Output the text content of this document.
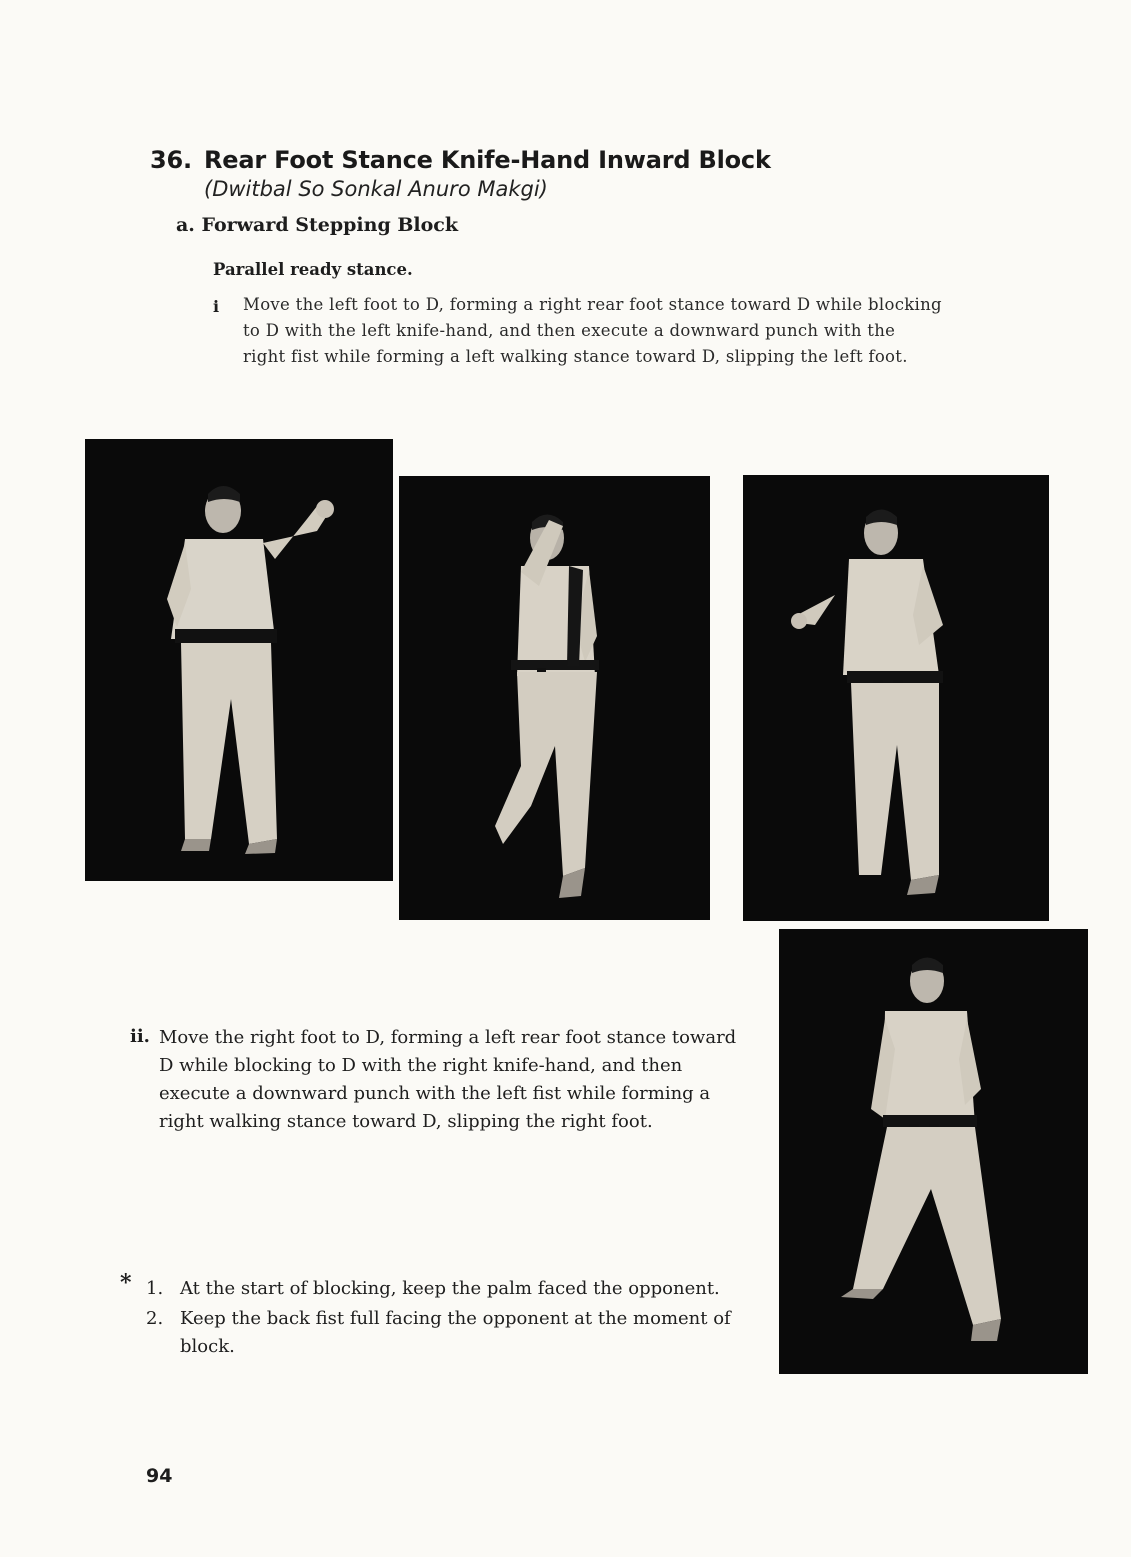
36. Rear Foot Stance Knife-Hand Inward Block
(Dwitbal So Sonkal Anuro Makgi)
a. Forward Stepping Block
Parallel ready stance.
i Move the left foot to D, forming a right rear foot stance toward D while blocking to D with the left knife-hand, and then execute a downward punch with the right fist while forming a left walking stance toward D, slipping the left foot.
ii. Move the right foot to D, forming a left rear foot stance toward D while blocking to D with the right knife-hand, and then execute a downward punch with the left fist while forming a right walking stance toward D, slipping the right foot.
* 1. At the start of blocking, keep the palm faced the opponent.
2. Keep the back fist full facing the opponent at the moment of block.
94
